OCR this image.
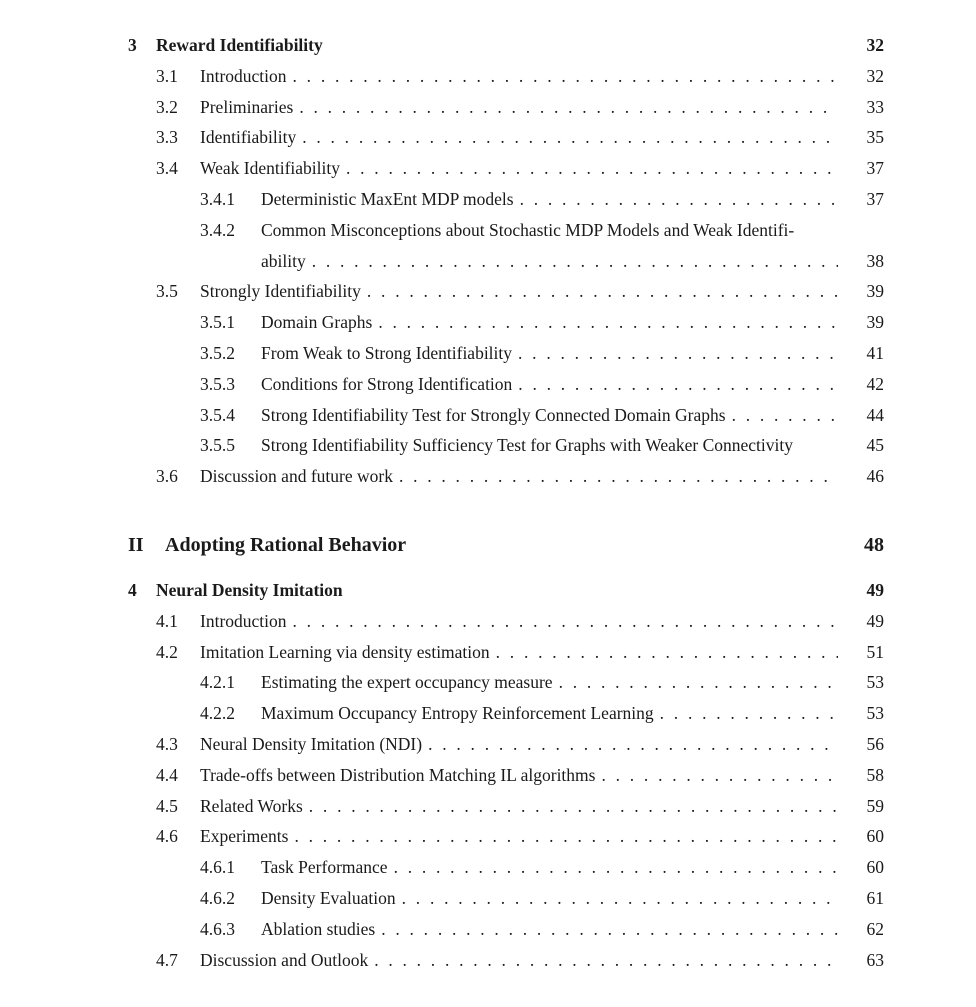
3	Reward Identifiability	32
3.1	Introduction . . .	32
3.2	Preliminaries . . .	33
3.3	Identifiability . . .	35
3.4	Weak Identifiability . . .	37
3.4.1	Deterministic MaxEnt MDP models . . .	37
3.4.2	Common Misconceptions about Stochastic MDP Models and Weak Identifi-
ability . . .	38
3.5	Strongly Identifiability . . .	39
3.5.1	Domain Graphs . . .	39
3.5.2	From Weak to Strong Identifiability . . .	41
3.5.3	Conditions for Strong Identification . . .	42
3.5.4	Strong Identifiability Test for Strongly Connected Domain Graphs . . .	44
3.5.5	Strong Identifiability Sufficiency Test for Graphs with Weaker Connectivity	45
3.6	Discussion and future work . . .	46
II	Adopting Rational Behavior	48
4	Neural Density Imitation	49
4.1	Introduction . . .	49
4.2	Imitation Learning via density estimation . . .	51
4.2.1	Estimating the expert occupancy measure . . .	53
4.2.2	Maximum Occupancy Entropy Reinforcement Learning . . .	53
4.3	Neural Density Imitation (NDI) . . .	56
4.4	Trade-offs between Distribution Matching IL algorithms . . .	58
4.5	Related Works . . .	59
4.6	Experiments . . .	60
4.6.1	Task Performance . . .	60
4.6.2	Density Evaluation . . .	61
4.6.3	Ablation studies . . .	62
4.7	Discussion and Outlook . . .	63
